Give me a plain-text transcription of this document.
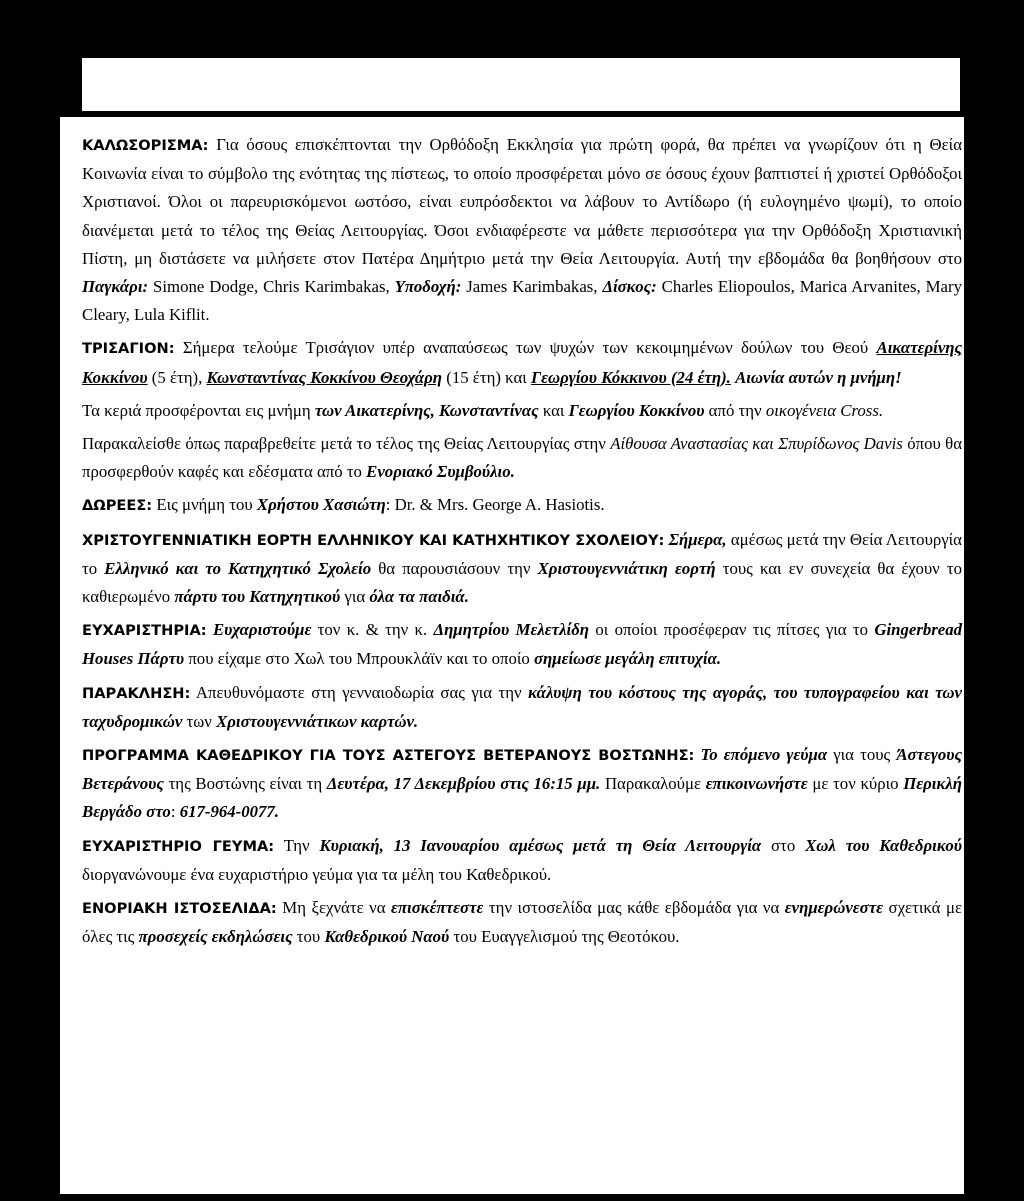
ΚΑΛΩΣΟΡΙΣΜΑ: Για όσους επισκέπτονται την Ορθόδοξη Εκκλησία για πρώτη φορά, θα πρέπει να γνωρίζουν ότι η Θεία Κοινωνία είναι το σύμβολο της ενότητας της πίστεως, το οποίο προσφέρεται μόνο σε όσους έχουν βαπτιστεί ή χριστεί Ορθόδοξοι Χριστιανοί. Όλοι οι παρευρισκόμενοι ωστόσο, είναι ευπρόσδεκτοι να λάβουν το Αντίδωρο (ή ευλογημένο ψωμί), το οποίο διανέμεται μετά το τέλος της Θείας Λειτουργίας. Όσοι ενδιαφέρεστε να μάθετε περισσότερα για την Ορθόδοξη Χριστιανική Πίστη, μη διστάσετε να μιλήσετε στον Πατέρα Δημήτριο μετά την Θεία Λειτουργία. Αυτή την εβδομάδα θα βοηθήσουν στο Παγκάρι: Simone Dodge, Chris Karimbakas, Υποδοχή: James Karimbakas, Δίσκος: Charles Eliopoulos, Marica Arvanites, Mary Cleary, Lula Kiflit.

ΤΡΙΣΑΓΙΟΝ: Σήμερα τελούμε Τρισάγιον υπέρ αναπαύσεως των ψυχών των κεκοιμημένων δούλων του Θεού Αικατερίνης Κοκκίνου (5 έτη), Κωνσταντίνας Κοκκίνου Θεοχάρη (15 έτη) και Γεωργίου Κόκκινου (24 έτη). Αιωνία αυτών η μνήμη!

Τα κεριά προσφέρονται εις μνήμη των Αικατερίνης, Κωνσταντίνας και Γεωργίου Κοκκίνου από την οικογένεια Cross.

Παρακαλείσθε όπως παραβρεθείτε μετά το τέλος της Θείας Λειτουργίας στην Αίθουσα Αναστασίας και Σπυρίδωνος Davis όπου θα προσφερθούν καφές και εδέσματα από το Ενοριακό Συμβούλιο.

ΔΩΡΕΕΣ: Εις μνήμη του Χρήστου Χασιώτη: Dr. & Mrs. George A. Hasiotis.

ΧΡΙΣΤΟΥΓΕΝΝΙΑΤΙΚΗ ΕΟΡΤΗ ΕΛΛΗΝΙΚΟΥ ΚΑΙ ΚΑΤΗΧΗΤΙΚΟΥ ΣΧΟΛΕΙΟΥ: Σήμερα, αμέσως μετά την Θεία Λειτουργία το Ελληνικό και το Κατηχητικό Σχολείο θα παρουσιάσουν την Χριστουγεννιάτικη εορτή τους και εν συνεχεία θα έχουν το καθιερωμένο πάρτυ του Κατηχητικού για όλα τα παιδιά.

ΕΥΧΑΡΙΣΤΗΡΙΑ: Ευχαριστούμε τον κ. & την κ. Δημητρίου Μελετλίδη οι οποίοι προσέφεραν τις πίτσες για το Gingerbread Houses Πάρτυ που είχαμε στο Χωλ του Μπρουκλάϊν και το οποίο σημείωσε μεγάλη επιτυχία.

ΠΑΡΑΚΛΗΣΗ: Απευθυνόμαστε στη γενναιοδωρία σας για την κάλυψη του κόστους της αγοράς, του τυπογραφείου και των ταχυδρομικών των Χριστουγεννιάτικων καρτών.

ΠΡΟΓΡΑΜΜΑ ΚΑΘΕΔΡΙΚΟΥ ΓΙΑ ΤΟΥΣ ΑΣΤΕΓΟΥΣ ΒΕΤΕΡΑΝΟΥΣ ΒΟΣΤΩΝΗΣ: Το επόμενο γεύμα για τους Άστεγους Βετεράνους της Βοστώνης είναι τη Δευτέρα, 17 Δεκεμβρίου στις 16:15 μμ. Παρακαλούμε επικοινωνήστε με τον κύριο Περικλή Βεργάδο στο: 617-964-0077.

ΕΥΧΑΡΙΣΤΗΡΙΟ ΓΕΥΜΑ: Την Κυριακή, 13 Ιανουαρίου αμέσως μετά τη Θεία Λειτουργία στο Χωλ του Καθεδρικού διοργανώνουμε ένα ευχαριστήριο γεύμα για τα μέλη του Καθεδρικού.

ΕΝΟΡΙΑΚΗ ΙΣΤΟΣΕΛΙΔΑ: Μη ξεχνάτε να επισκέπτεστε την ιστοσελίδα μας κάθε εβδομάδα για να ενημερώνεστε σχετικά με όλες τις προσεχείς εκδηλώσεις του Καθεδρικού Ναού του Ευαγγελισμού της Θεοτόκου.
